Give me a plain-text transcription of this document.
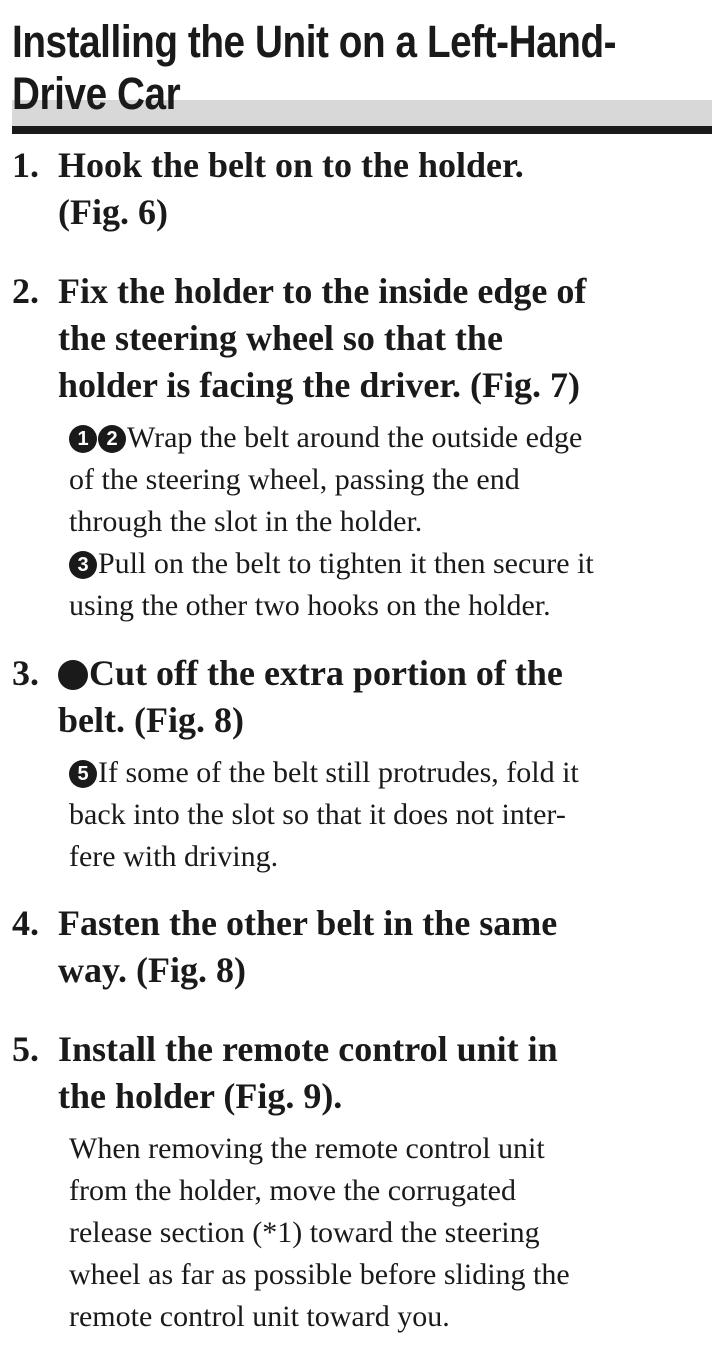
Installing the Unit on a Left-Hand-
Drive Car
1. Hook the belt on to the holder.
(Fig. 6)
2. Fix the holder to the inside edge of
the steering wheel so that the
holder is facing the driver. (Fig. 7)
1 2 Wrap the belt around the outside edge
of the steering wheel, passing the end
through the slot in the holder.
3 Pull on the belt to tighten it then secure it
using the other two hooks on the holder.
3. 4 Cut off the extra portion of the
belt. (Fig. 8)
5 If some of the belt still protrudes, fold it
back into the slot so that it does not inter-
fere with driving.
4. Fasten the other belt in the same
way. (Fig. 8)
5. Install the remote control unit in
the holder (Fig. 9).
When removing the remote control unit
from the holder, move the corrugated
release section (*1) toward the steering
wheel as far as possible before sliding the
remote control unit toward you.
